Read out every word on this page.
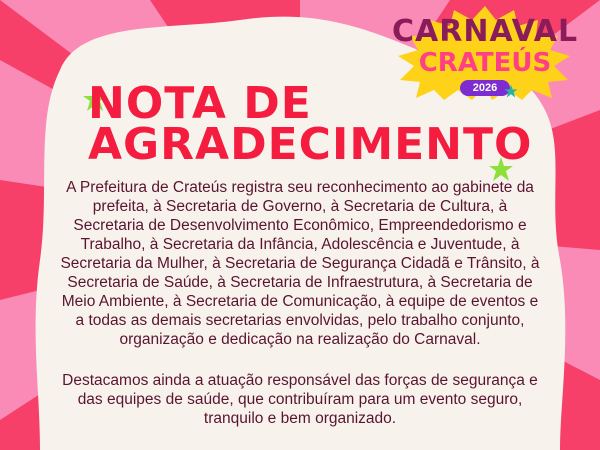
CARNAVAL
CRATEÚS
2026
NOTA DE
AGRADECIMENTO

A Prefeitura de Crateús registra seu reconhecimento ao gabinete da prefeita, à Secretaria de Governo, à Secretaria de Cultura, à Secretaria de Desenvolvimento Econômico, Empreendedorismo e Trabalho, à Secretaria da Infância, Adolescência e Juventude, à Secretaria da Mulher, à Secretaria de Segurança Cidadã e Trânsito, à Secretaria de Saúde, à Secretaria de Infraestrutura, à Secretaria de Meio Ambiente, à Secretaria de Comunicação, à equipe de eventos e a todas as demais secretarias envolvidas, pelo trabalho conjunto, organização e dedicação na realização do Carnaval.

Destacamos ainda a atuação responsável das forças de segurança e das equipes de saúde, que contribuíram para um evento seguro, tranquilo e bem organizado.
